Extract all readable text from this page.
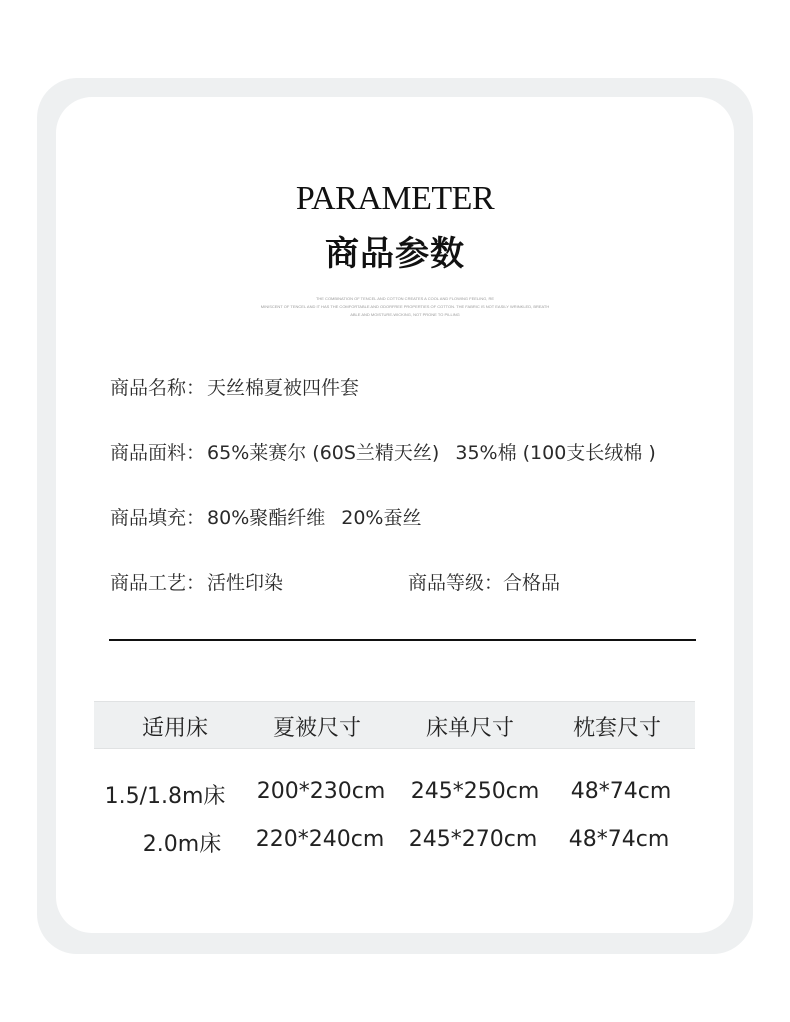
PARAMETER
商品参数
THE COMBINATION OF TENCEL AND COTTON CREATES A COOL AND FLOWING FEELING, RE
MINISCENT OF TENCEL AND IT HAS THE COMFORTABLE AND ODORFREE PROPERTIES OF COTTON. THE FABRIC IS NOT EASILY WRINKLED, BREATH
ABLE AND MOISTURE-WICKING, NOT PRONE TO PILLING
商品名称： 天丝棉夏被四件套
商品面料： 65%莱赛尔 (60S兰精天丝) 35%棉 (100支长绒棉 )
商品填充： 80%聚酯纤维 20%蚕丝
商品工艺： 活性印染	商品等级：合格品
适用床	夏被尺寸	床单尺寸	枕套尺寸
1.5/1.8m床 200*230cm 245*250cm 48*74cm
2.0m床 220*240cm 245*270cm 48*74cm
